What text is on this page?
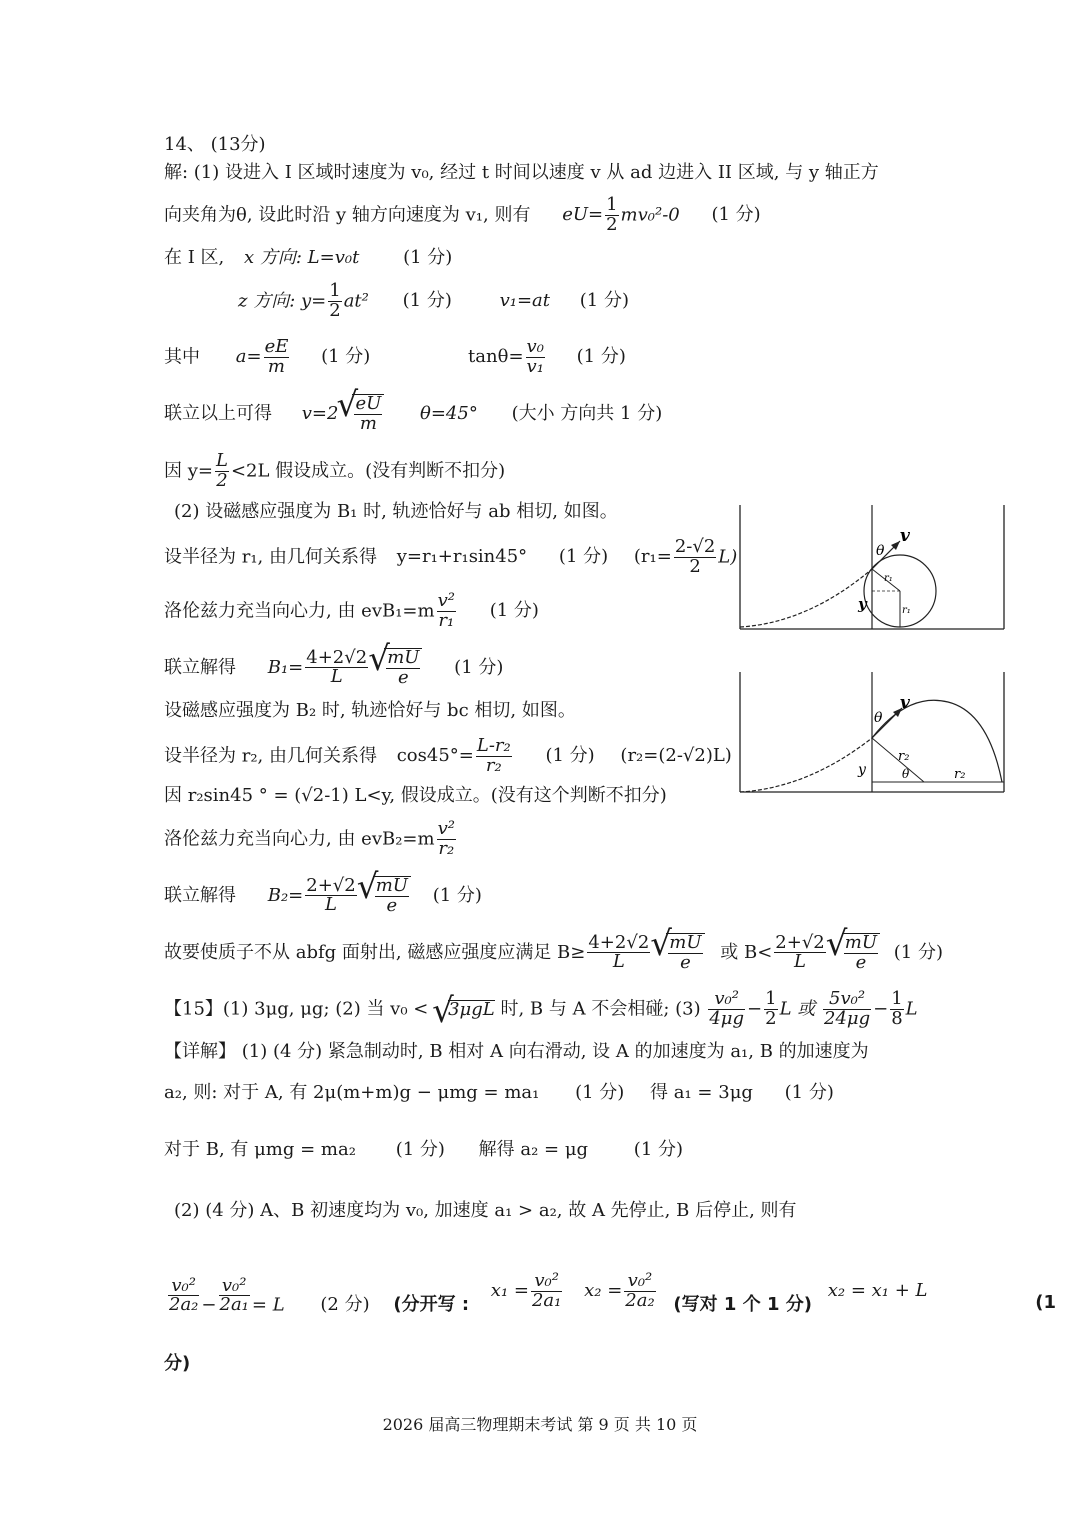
14、 (13分)
解: (1) 设进入 I 区域时速度为 v₀, 经过 t 时间以速度 v 从 ad 边进入 II 区域, 与 y 轴正方
向夹角为θ, 设此时沿 y 轴方向速度为 v₁, 则有 $eU= \frac{1}{2} mv_0^2-0$ (1 分)
在 I 区, x 方向: L=v₀t (1 分)
z 方向: $y= \frac{1}{2} at^2$ (1 分)	v₁=at (1 分)
其中 $a= \frac{eE}{m} (1$ 分)	$\tan\theta= \frac{\text{v₀}}{\text{v₁}} (1$ 分)
联立以上可得 v=2 √ $\frac{eU}{m} \theta=45^\circ$ (大小 方向共 1 分)
因 $y= \frac{L}{2} <2L$ 假设成立。(没有判断不扣分)
(2) 设磁感应强度为 B₁ 时, 轨迹恰好与 ab 相切, 如图。
设半径为 r₁, 由几何关系得 y=r₁+r₁sin45° (1 分) $(r_1= \frac{2-√2}{2} L)$
洛伦兹力充当向心力, 由 $evB_1=m \frac{\text{v²}}{\text{r₁}} (1$ 分)
联立解得 $B_1= \frac{4+2√2}{L}$ √ $\frac{mU}{e} (1$ 分)
设磁感应强度为 B₂ 时, 轨迹恰好与 bc 相切, 如图。
设半径为 r₂, 由几何关系得 $\cos 45^\circ= \frac{\text{L-r₂}}{\text{r₂}} (1$ 分) (r₂=(2-√2)L)
因 r₂sin45 ° = (√2-1) L<y, 假设成立。(没有这个判断不扣分)
洛伦兹力充当向心力, 由 $evB_2=m \frac{\text{v²}}{\text{r₂}}$
联立解得 $B_2= \frac{2+√2}{L}$ √ $\frac{mU}{e} (1$ 分)
故要使质子不从 abfg 面射出, 磁感应强度应满足 $B\ge \frac{4+2√2}{L}$ √ $\frac{mU}{e}$ 或 $B< \frac{2+√2}{L}$ √ $\frac{mU}{e} (1$ 分)
【15】(1) 3μg, μg; (2) 当 v₀ < √ 3μgL 时, B 与 A 不会相碰; $(3) \frac{\text{v₀²}}{4\mu g} - \frac{1}{2}$ L 或 $\frac{\text{5v₀²}}{24\mu g} - \frac{1}{8}$ L
【详解】 (1) (4 分) 紧急制动时, B 相对 A 向右滑动, 设 A 的加速度为 a₁, B 的加速度为
a₂, 则: 对于 A, 有 2μ(m+m)g − μmg = ma₁ (1 分) 得 a₁ = 3μg (1 分)
对于 B, 有 μmg = ma₂ (1 分) 解得 a₂ = μg	(1 分)
(2) (4 分) A、B 初速度均为 v₀, 加速度 a₁ > a₂, 故 A 先停止, B 后停止, 则有
$\frac{\text{v₀²}}{\text{2a₂}} - \frac{\text{v₀²}}{\text{2a₁}} = L$ (2 分) (分开写 : $x_1 = \frac{\text{v₀²}}{\text{2a₁}} x_2 = \frac{\text{v₀²}}{\text{2a₂}}$ (写对 1 个 1 分) x₂ = x₁ + L
(1
分)
θ
v
y
r₁
r₁
θ
v
y
r₂
θ	r₂
2026 届高三物理期末考试 第 9 页 共 10 页
